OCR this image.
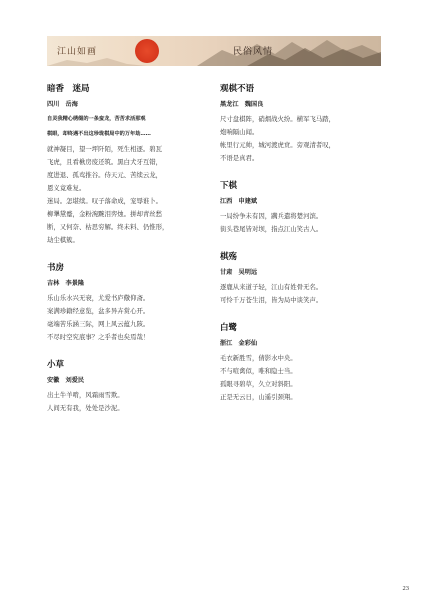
江山如画	民俗风情

暗香　迷局

四川　岳海

自灵我精心绣缀的一条蛮龙，苦苦求活那观

棋眼，却终遇不出这珍珑棋局中的万年劫……

就神凝目，望一坪阡陌，死生相逐。碧瓦

飞虎，且看楸房废还筑。黑白犬牙互错，

度进退、孤鸾推谷。侍天元、苦续云龙，

恩义竟难复。

迷局。怎堪续。叹子落命成，宠辱谁卜。

柳犟黛蹙，金粉涴黦泪弈烛。拼却青丝愁

断，又何奈、枯思穷解。终未料、仍惟形，

劫尘棋簇。

书房

吉林　李景隆

乐山乐水兴无衰，尤爱书庐儆仰斋。

案满珍籍经意览，盆多异卉赏心开。

毫端苦乐涵三际，网上风云蕴九陔。

不尽时空究底事？之乎者也矣焉哉！

小草

安徽　刘爱民

出土牛羊啃，风霜雨雪欺。

人间无有我，处处是沙泥。

观棋不语

黑龙江　魏国良

尺寸盘棋阵，硝烟战火纷。横军飞马踏，

炮响隔山闻。

帐里行元帅，城河渡虎贲。旁观清者叹，

不语是真君。

下棋

江西　申建斌

一局纷争未有因，蹒兵遣将楚河滨。

街头巷尾皆对坝，指点江山笑古人。

棋殇

甘肃　吴明远

逐鹿从来道子轻，江山有姓骨无名。

可怜千万苍生泪，皆为局中谈笑声。

白鹭

浙江　金彩仙

毛衣新胜雪，倩影水中央。

不与喧禽似，唯和隐士当。

孤眼寻碧草，久立对斜阳。

正是无云日，山遥引颈翔。

23
